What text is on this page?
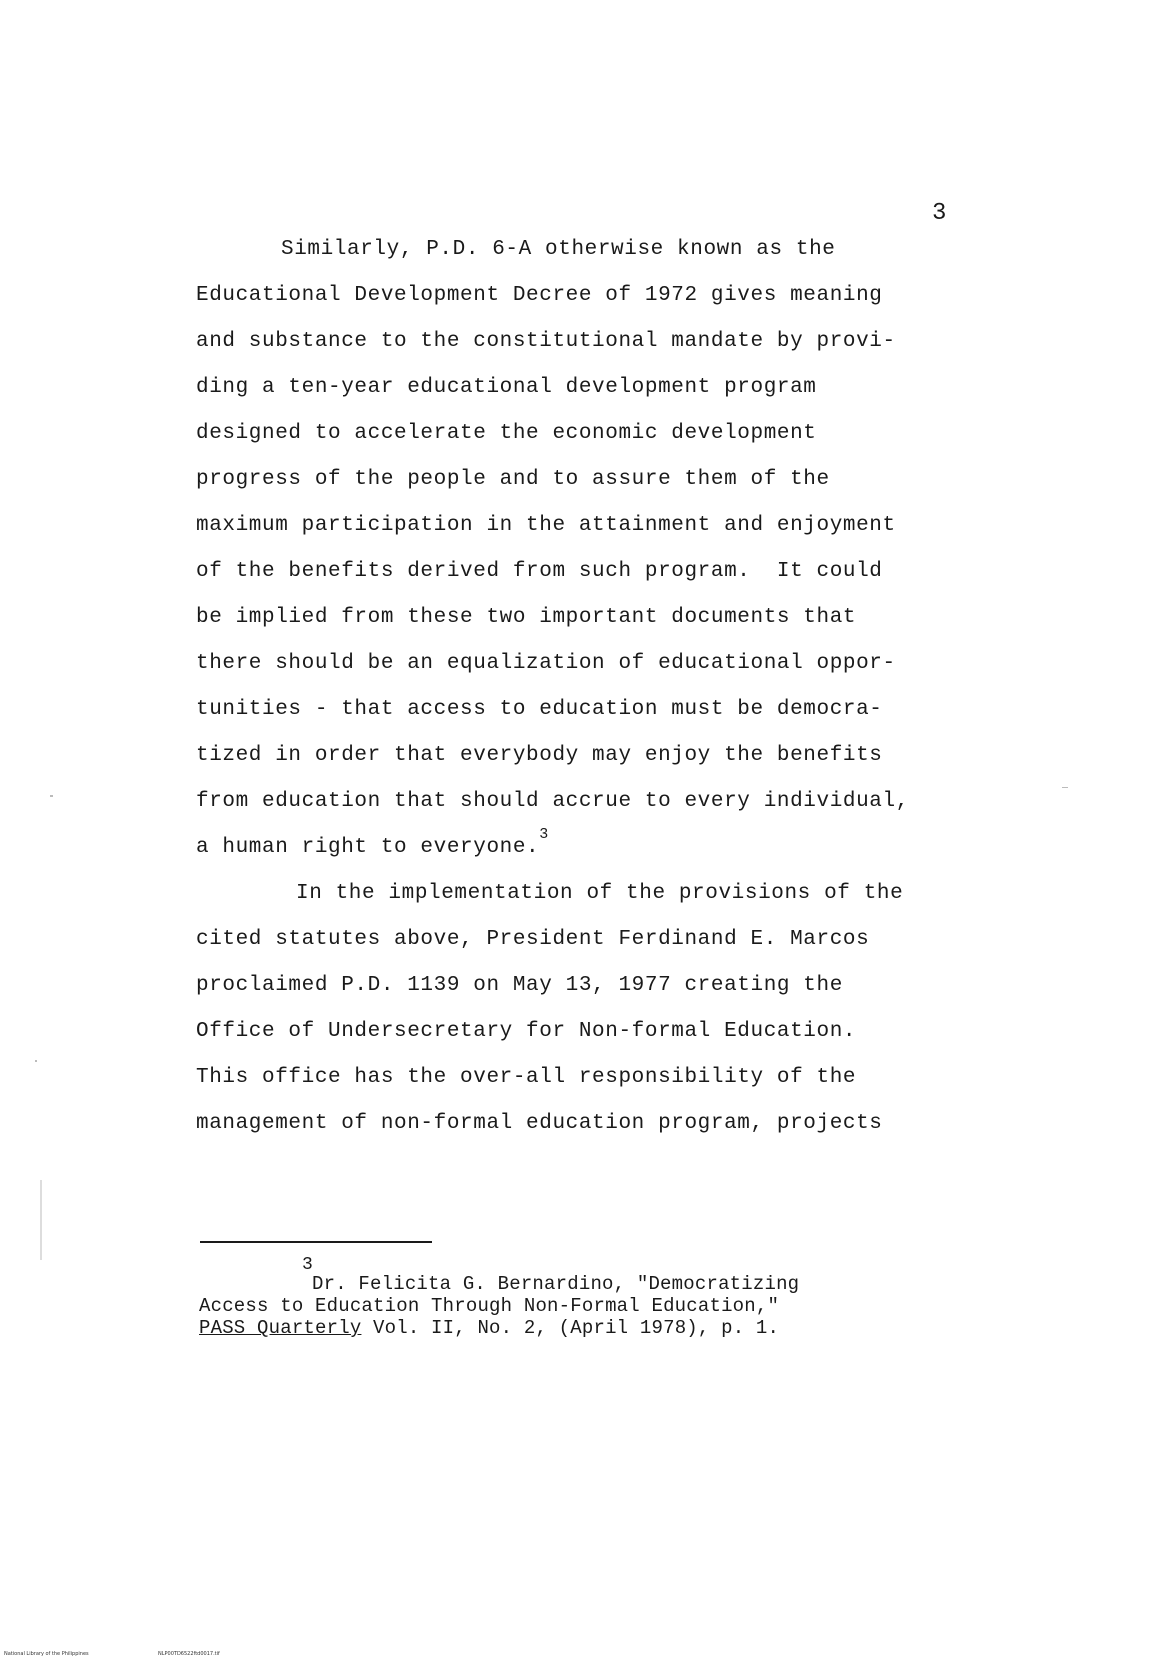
3
Similarly, P.D. 6-A otherwise known as the
Educational Development Decree of 1972 gives meaning
and substance to the constitutional mandate by provi-
ding a ten-year educational development program
designed to accelerate the economic development
progress of the people and to assure them of the
maximum participation in the attainment and enjoyment
of the benefits derived from such program.  It could
be implied from these two important documents that
there should be an equalization of educational oppor-
tunities - that access to education must be democra-
tized in order that everybody may enjoy the benefits
from education that should accrue to every individual,
a human right to everyone.$^3$
In the implementation of the provisions of the
cited statutes above, President Ferdinand E. Marcos
proclaimed P.D. 1139 on May 13, 1977 creating the
Office of Undersecretary for Non-formal Education.
This office has the over-all responsibility of the
management of non-formal education program, projects
3
Dr. Felicita G. Bernardino, "Democratizing
Access to Education Through Non-Formal Education,"
PASS Quarterly Vol. II, No. 2, (April 1978), p. 1.
National Library of the Philippines	NLP00TD6522ftd0017.tif
